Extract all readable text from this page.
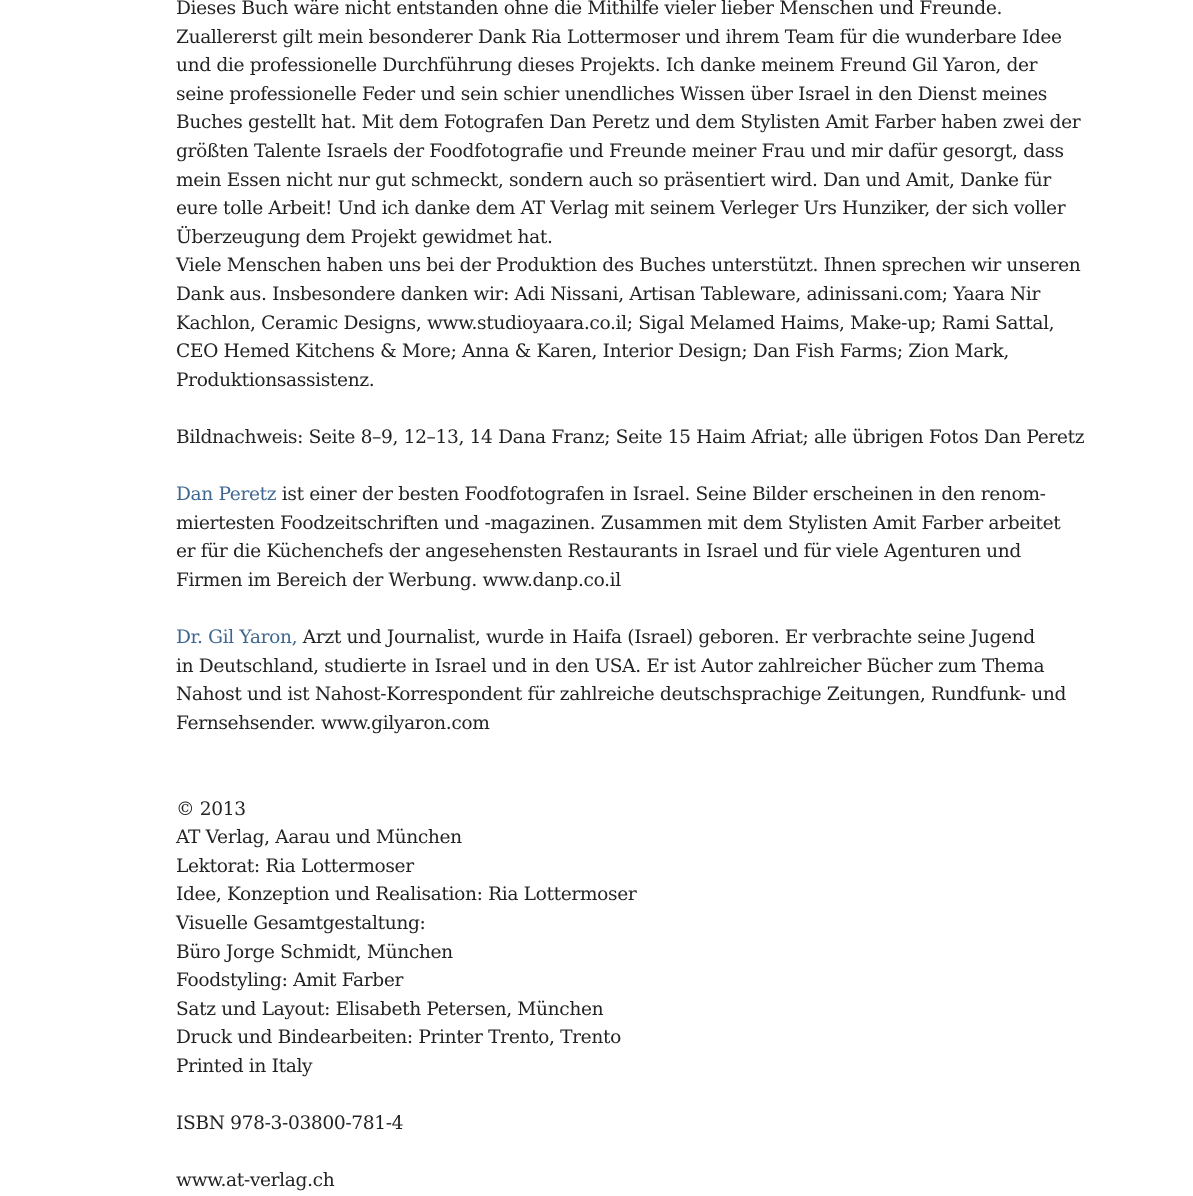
Dieses Buch wäre nicht entstanden ohne die Mithilfe vieler lieber Menschen und Freunde.
Zuallererst gilt mein besonderer Dank Ria Lottermoser und ihrem Team für die wunderbare Idee
und die professionelle Durchführung dieses Projekts. Ich danke meinem Freund Gil Yaron, der
seine professionelle Feder und sein schier unendliches Wissen über Israel in den Dienst meines
Buches gestellt hat. Mit dem Fotografen Dan Peretz und dem Stylisten Amit Farber haben zwei der
größten Talente Israels der Foodfotografie und Freunde meiner Frau und mir dafür gesorgt, dass
mein Essen nicht nur gut schmeckt, sondern auch so präsentiert wird. Dan und Amit, Danke für
eure tolle Arbeit! Und ich danke dem AT Verlag mit seinem Verleger Urs Hunziker, der sich voller
Überzeugung dem Projekt gewidmet hat.
Viele Menschen haben uns bei der Produktion des Buches unterstützt. Ihnen sprechen wir unseren
Dank aus. Insbesondere danken wir: Adi Nissani, Artisan Tableware, adinissani.com; Yaara Nir
Kachlon, Ceramic Designs, www.studioyaara.co.il; Sigal Melamed Haims, Make-up; Rami Sattal,
CEO Hemed Kitchens & More; Anna & Karen, Interior Design; Dan Fish Farms; Zion Mark,
Produktionsassistenz.
Bildnachweis: Seite 8–9, 12–13, 14 Dana Franz; Seite 15 Haim Afriat; alle übrigen Fotos Dan Peretz
Dan Peretz ist einer der besten Foodfotografen in Israel. Seine Bilder erscheinen in den renom-
miertesten Foodzeitschriften und -magazinen. Zusammen mit dem Stylisten Amit Farber arbeitet
er für die Küchenchefs der angesehensten Restaurants in Israel und für viele Agenturen und
Firmen im Bereich der Werbung. www.danp.co.il
Dr. Gil Yaron, Arzt und Journalist, wurde in Haifa (Israel) geboren. Er verbrachte seine Jugend
in Deutschland, studierte in Israel und in den USA. Er ist Autor zahlreicher Bücher zum Thema
Nahost und ist Nahost-Korrespondent für zahlreiche deutschsprachige Zeitungen, Rundfunk- und
Fernsehsender. www.gilyaron.com
© 2013
AT Verlag, Aarau und München
Lektorat: Ria Lottermoser
Idee, Konzeption und Realisation: Ria Lottermoser
Visuelle Gesamtgestaltung:
Büro Jorge Schmidt, München
Foodstyling: Amit Farber
Satz und Layout: Elisabeth Petersen, München
Druck und Bindearbeiten: Printer Trento, Trento
Printed in Italy
ISBN 978-3-03800-781-4
www.at-verlag.ch
